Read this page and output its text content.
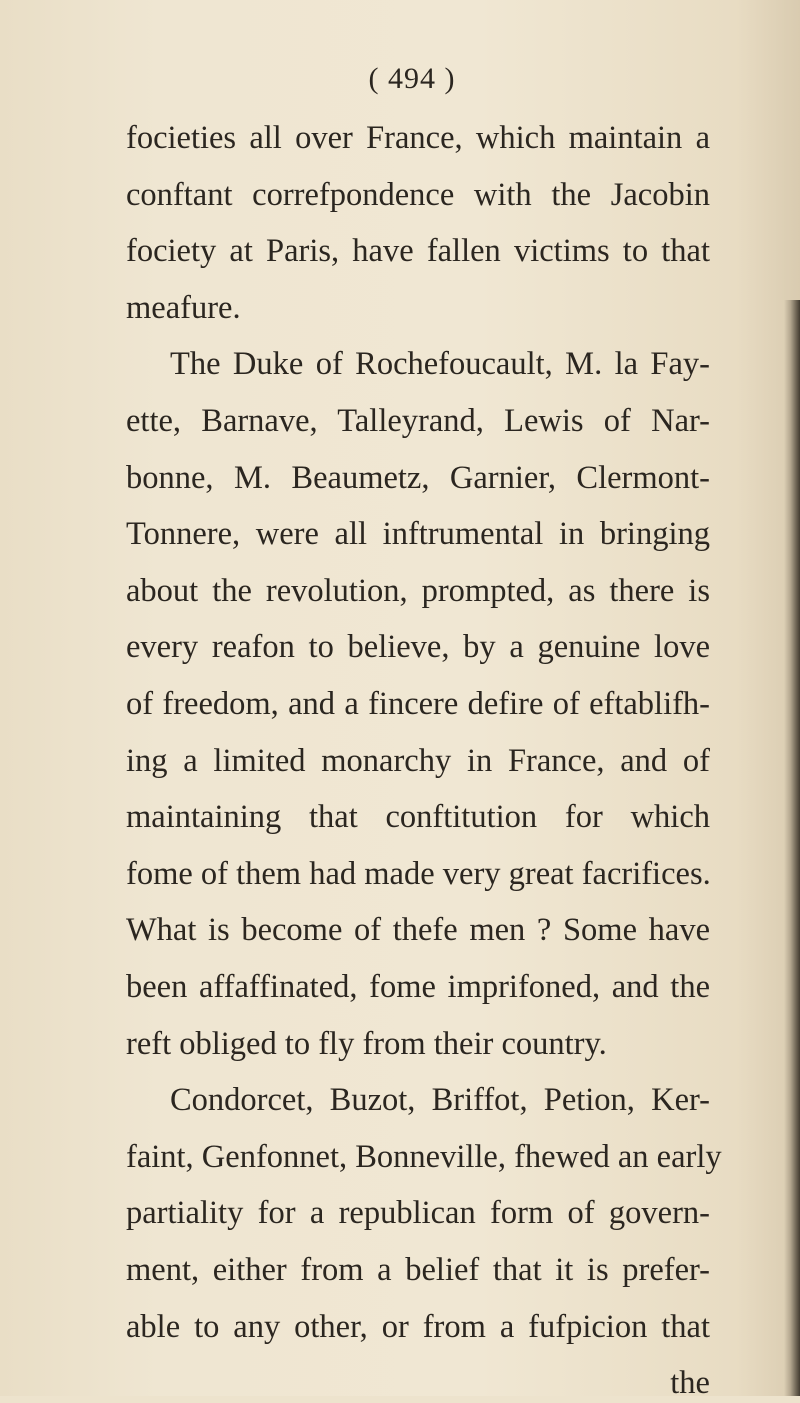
( 494 )
focieties all over France, which maintain a
conftant correfpondence with the Jacobin
fociety at Paris, have fallen victims to that
meafure.
The Duke of Rochefoucault, M. la Fay-
ette, Barnave, Talleyrand, Lewis of Nar-
bonne, M. Beaumetz, Garnier, Clermont-
Tonnere, were all inftrumental in bringing
about the revolution, prompted, as there is
every reafon to believe, by a genuine love
of freedom, and a fincere defire of eftablifh-
ing a limited monarchy in France, and of
maintaining that conftitution for which
fome of them had made very great facrifices.
What is become of thefe men ? Some have
been affaffinated, fome imprifoned, and the
reft obliged to fly from their country.
Condorcet, Buzot, Briffot, Petion, Ker-
faint, Genfonnet, Bonneville, fhewed an early
partiality for a republican form of govern-
ment, either from a belief that it is prefer-
able to any other, or from a fufpicion that
the
